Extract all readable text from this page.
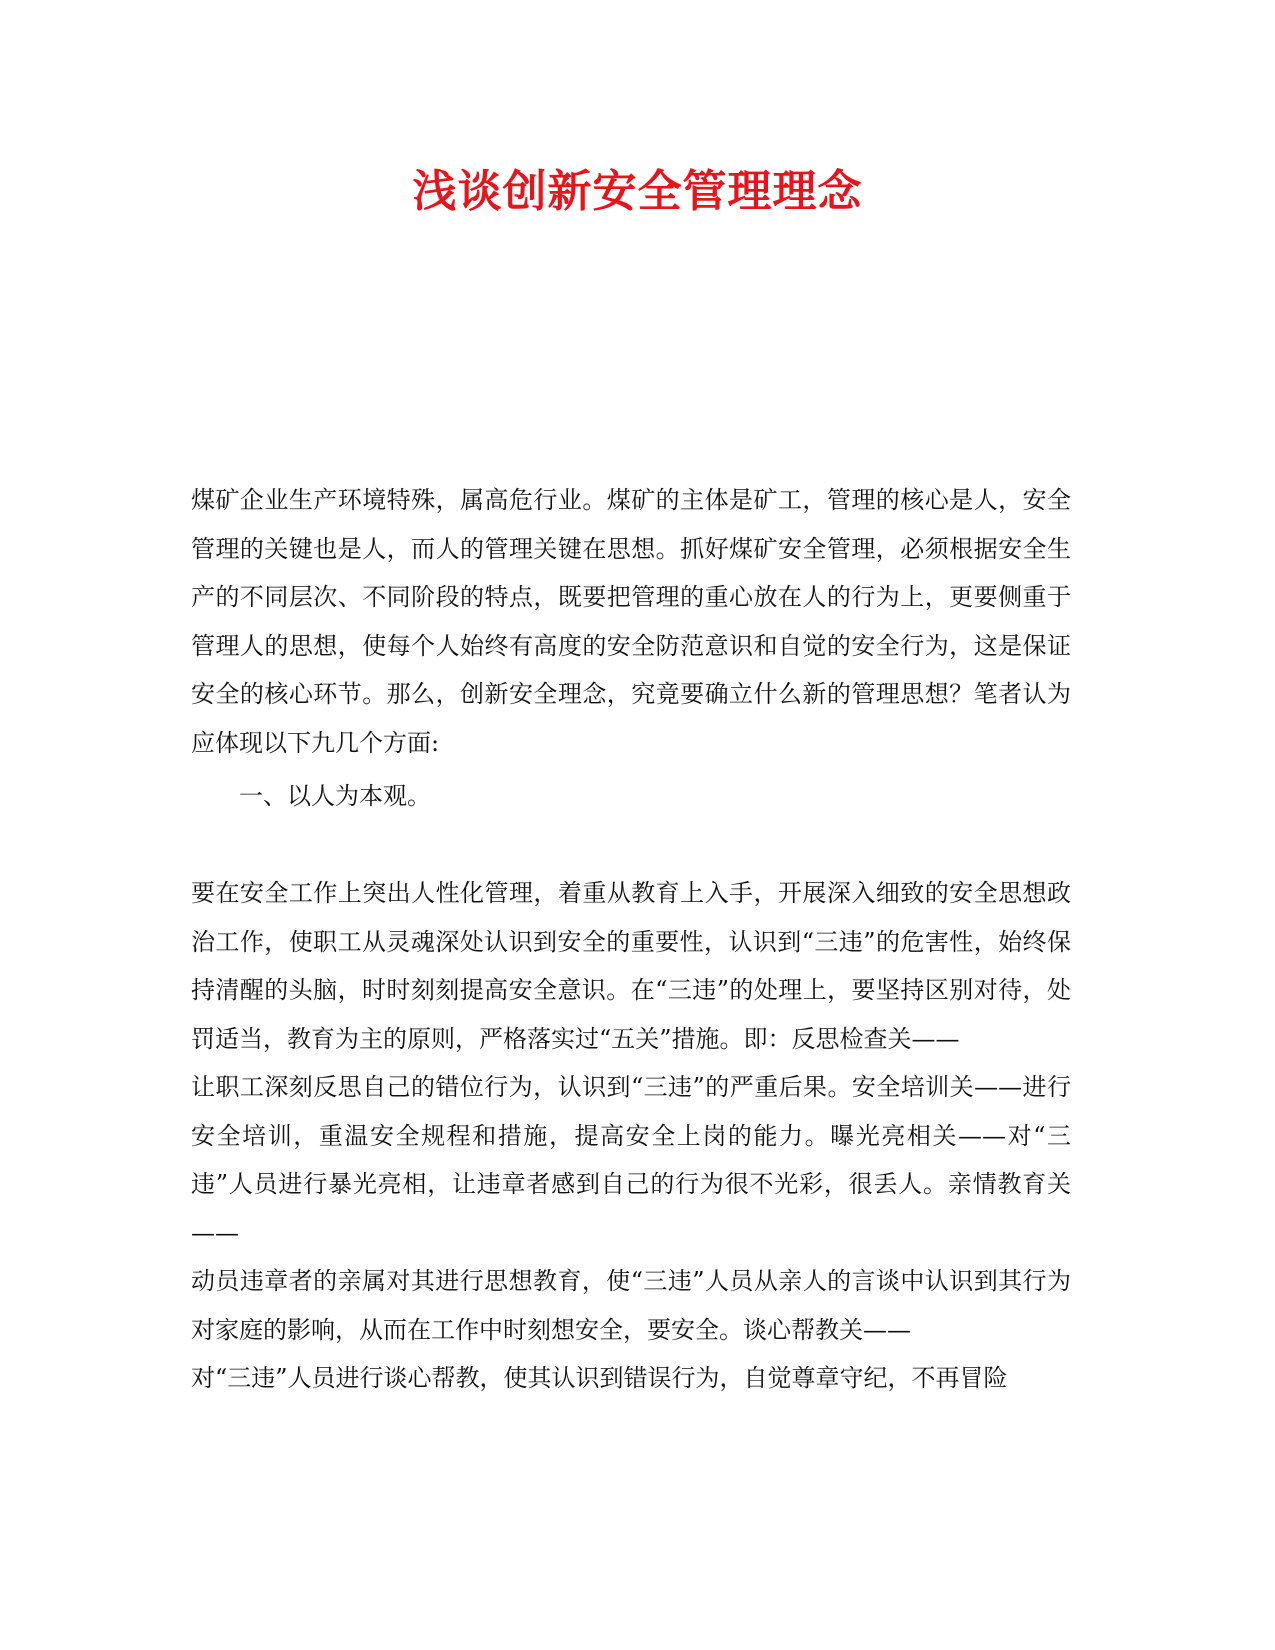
浅谈创新安全管理理念

煤矿企业生产环境特殊，属高危行业。煤矿的主体是矿工，管理的核心是人，安全管理的关键也是人，而人的管理关键在思想。抓好煤矿安全管理，必须根据安全生产的不同层次、不同阶段的特点，既要把管理的重心放在人的行为上，更要侧重于管理人的思想，使每个人始终有高度的安全防范意识和自觉的安全行为，这是保证安全的核心环节。那么，创新安全理念，究竟要确立什么新的管理思想？笔者认为应体现以下九几个方面:

一、以人为本观。

要在安全工作上突出人性化管理，着重从教育上入手，开展深入细致的安全思想政治工作，使职工从灵魂深处认识到安全的重要性，认识到“三违”的危害性，始终保持清醒的头脑，时时刻刻提高安全意识。在“三违”的处理上，要坚持区别对待，处罚适当，教育为主的原则，严格落实过“五关”措施。即：反思检查关——

让职工深刻反思自己的错位行为，认识到“三违”的严重后果。安全培训关——进行安全培训，重温安全规程和措施，提高安全上岗的能力。曝光亮相关——对“三违”人员进行暴光亮相，让违章者感到自己的行为很不光彩，很丢人。亲情教育关——

动员违章者的亲属对其进行思想教育，使“三违”人员从亲人的言谈中认识到其行为对家庭的影响，从而在工作中时刻想安全，要安全。谈心帮教关——

对“三违”人员进行谈心帮教，使其认识到错误行为，自觉尊章守纪，不再冒险
